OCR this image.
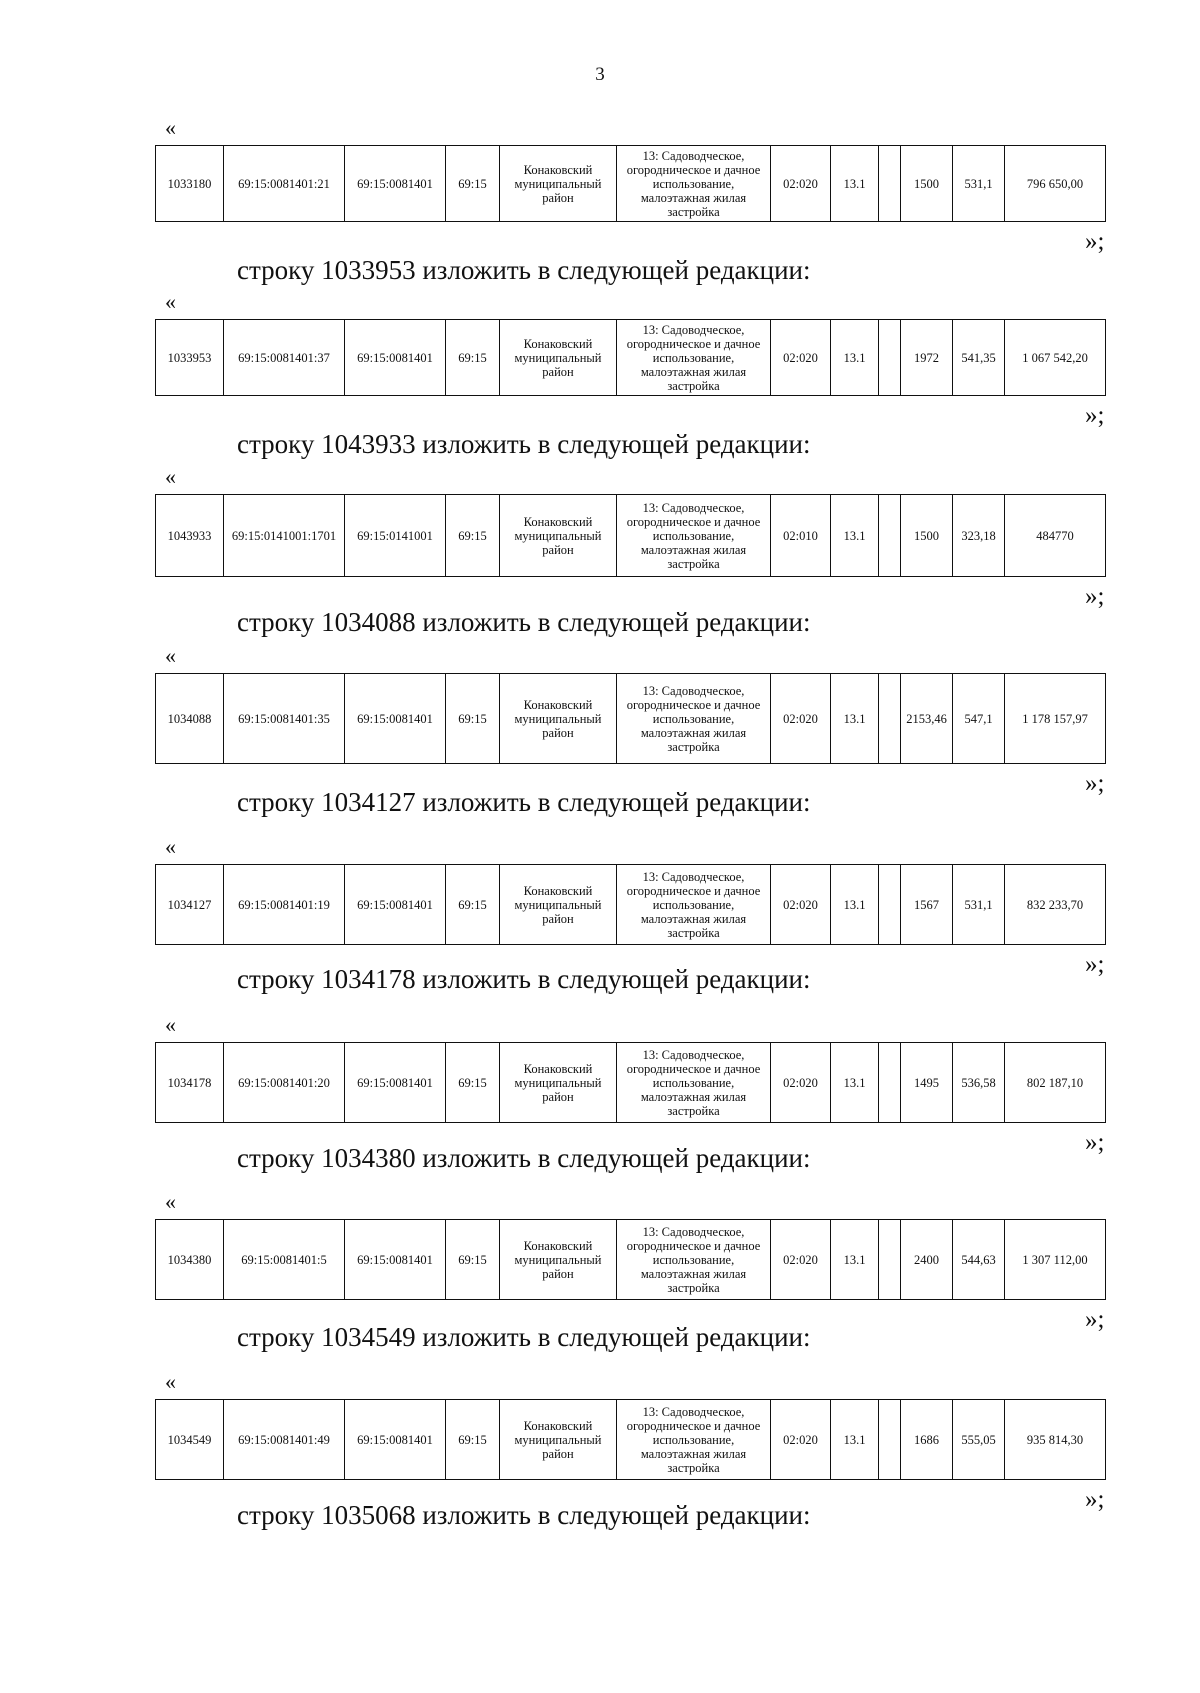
3
«
1033180	69:15:0081401:21	69:15:0081401	69:15	Конаковский муниципальный район	13: Садоводческое, огородническое и дачное использование, малоэтажная жилая застройка	02:020	13.1		1500	531,1	796 650,00
»;
строку 1033953 изложить в следующей редакции:
«
1033953	69:15:0081401:37	69:15:0081401	69:15	Конаковский муниципальный район	13: Садоводческое, огородническое и дачное использование, малоэтажная жилая застройка	02:020	13.1		1972	541,35	1 067 542,20
»;
строку 1043933 изложить в следующей редакции:
«
1043933	69:15:0141001:1701	69:15:0141001	69:15	Конаковский муниципальный район	13: Садоводческое, огородническое и дачное использование, малоэтажная жилая застройка	02:010	13.1		1500	323,18	484770
»;
строку 1034088 изложить в следующей редакции:
«
1034088	69:15:0081401:35	69:15:0081401	69:15	Конаковский муниципальный район	13: Садоводческое, огородническое и дачное использование, малоэтажная жилая застройка	02:020	13.1		2153,46	547,1	1 178 157,97
»;
строку 1034127 изложить в следующей редакции:
«
1034127	69:15:0081401:19	69:15:0081401	69:15	Конаковский муниципальный район	13: Садоводческое, огородническое и дачное использование, малоэтажная жилая застройка	02:020	13.1		1567	531,1	832 233,70
»;
строку 1034178 изложить в следующей редакции:
«
1034178	69:15:0081401:20	69:15:0081401	69:15	Конаковский муниципальный район	13: Садоводческое, огородническое и дачное использование, малоэтажная жилая застройка	02:020	13.1		1495	536,58	802 187,10
»;
строку 1034380 изложить в следующей редакции:
«
1034380	69:15:0081401:5	69:15:0081401	69:15	Конаковский муниципальный район	13: Садоводческое, огородническое и дачное использование, малоэтажная жилая застройка	02:020	13.1		2400	544,63	1 307 112,00
»;
строку 1034549 изложить в следующей редакции:
«
1034549	69:15:0081401:49	69:15:0081401	69:15	Конаковский муниципальный район	13: Садоводческое, огородническое и дачное использование, малоэтажная жилая застройка	02:020	13.1		1686	555,05	935 814,30
»;
строку 1035068 изложить в следующей редакции:
